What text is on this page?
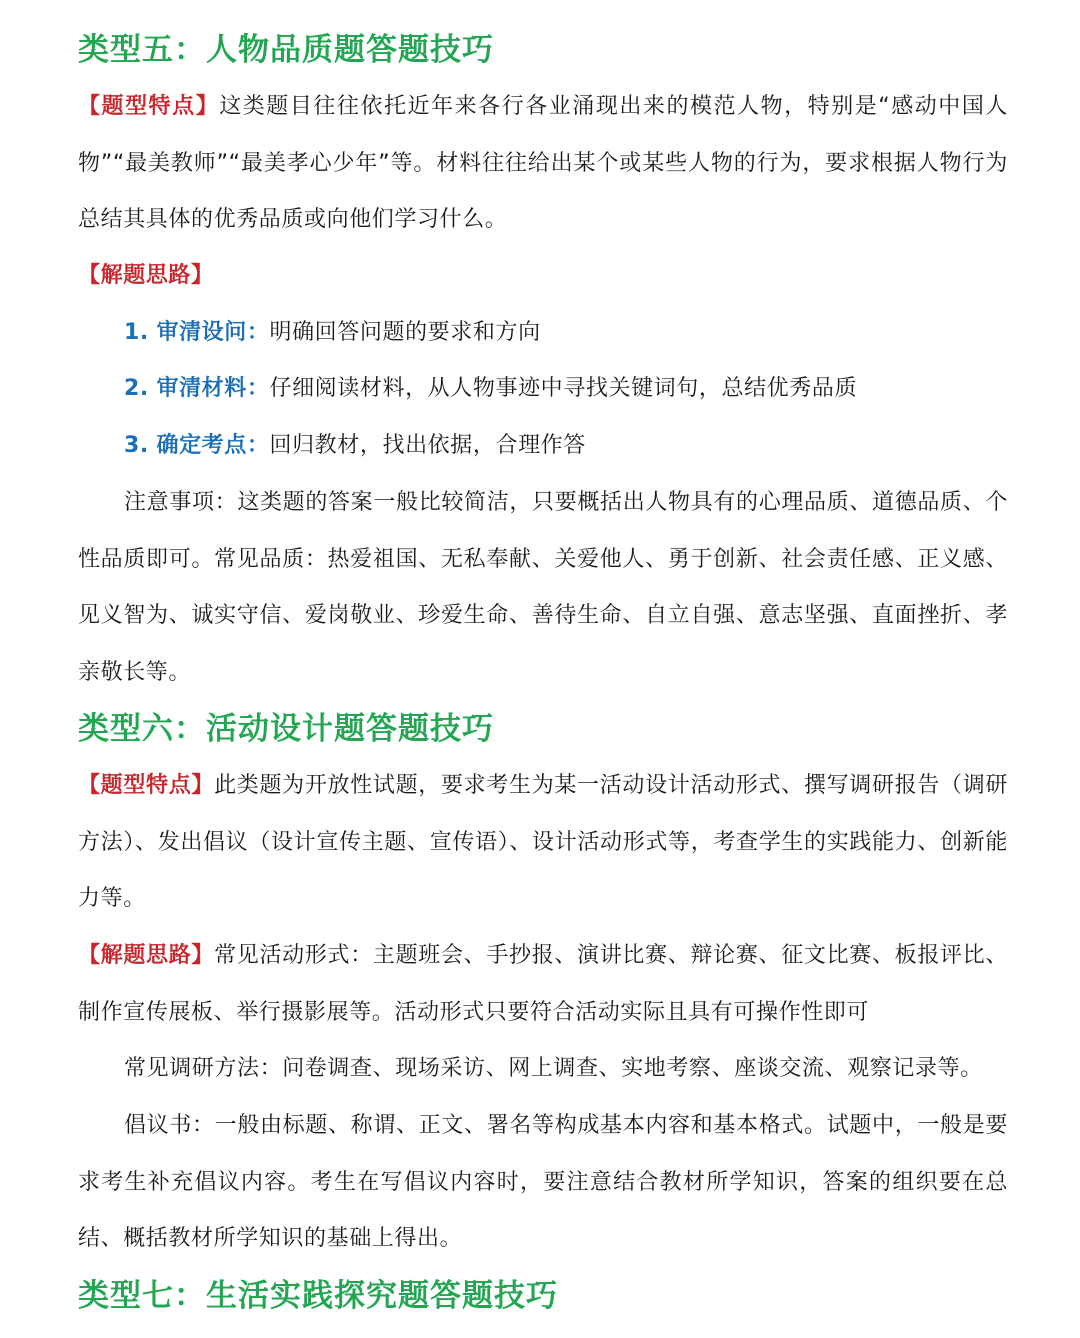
类型五：人物品质题答题技巧

【题型特点】这类题目往往依托近年来各行各业涌现出来的模范人物，特别是“感动中国人物”“最美教师”“最美孝心少年”等。材料往往给出某个或某些人物的行为，要求根据人物行为总结其具体的优秀品质或向他们学习什么。

【解题思路】

1. 审清设问：明确回答问题的要求和方向

2. 审清材料：仔细阅读材料，从人物事迹中寻找关键词句，总结优秀品质

3. 确定考点：回归教材，找出依据，合理作答

注意事项：这类题的答案一般比较简洁，只要概括出人物具有的心理品质、道德品质、个性品质即可。常见品质：热爱祖国、无私奉献、关爱他人、勇于创新、社会责任感、正义感、见义智为、诚实守信、爱岗敬业、珍爱生命、善待生命、自立自强、意志坚强、直面挫折、孝亲敬长等。

类型六：活动设计题答题技巧

【题型特点】此类题为开放性试题，要求考生为某一活动设计活动形式、撰写调研报告（调研方法）、发出倡议（设计宣传主题、宣传语）、设计活动形式等，考查学生的实践能力、创新能力等。

【解题思路】常见活动形式：主题班会、手抄报、演讲比赛、辩论赛、征文比赛、板报评比、制作宣传展板、举行摄影展等。活动形式只要符合活动实际且具有可操作性即可

常见调研方法：问卷调查、现场采访、网上调查、实地考察、座谈交流、观察记录等。

倡议书：一般由标题、称谓、正文、署名等构成基本内容和基本格式。试题中，一般是要求考生补充倡议内容。考生在写倡议内容时，要注意结合教材所学知识，答案的组织要在总结、概括教材所学知识的基础上得出。

类型七：生活实践探究题答题技巧
